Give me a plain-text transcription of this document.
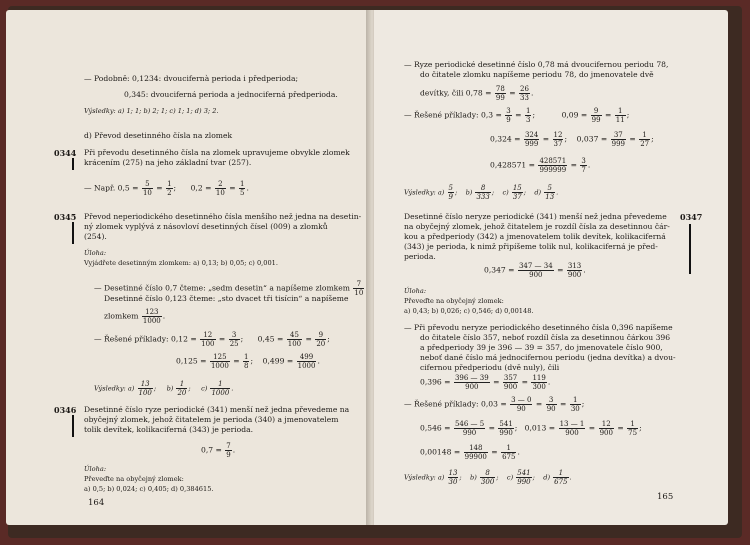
— Podobně: 0,1234: dvoucifernà perioda i předperioda;
0,345: dvouciferná perioda a jednociferná předperioda.
Výsledky: a) 1; 1; b) 2; 1; c) 1; 1; d) 3; 2.
d) Převod desetinného čísla na zlomek
0344 Při převodu desetinného čísla na zlomek upravujeme obvykle zlomek
krácením (275) na jeho základní tvar (257).
— Např. $0,5 = \frac{5}{10} = \frac{1}{2}$ ;      $0,2 = \frac{2}{10} = \frac{1}{5}$ .
0345 Převod neperiodického desetinného čísla menšího než jedna na desetin-
ný zlomek vyplývá z násovloví desetinných čísel (009) a zlomků
(254).
Úloha:
Vyjádřete desetinným zlomkem: a) 0,13; b) 0,05; c) 0,001.
— Desetinné číslo 0,7 čteme: „sedm desetin“ a napíšeme zlomkem $\frac{7}{10}$
Desetinné číslo 0,123 čteme: „sto dvacet tři tisícin“ a napíšeme
zlomkem $\frac{123}{1000}$ .
— Řešené příklady: $0,12 = \frac{12}{100} = \frac{3}{25}$ ;      $0,45 = \frac{45}{100} = \frac{9}{20}$ ;
$0,125 = \frac{125}{1000} = \frac{1}{8}$ ;    $0,499 = \frac{499}{1000}$ .
Výsledky: $a) \frac{13}{100}$ ;     $b) \frac{1}{20}$ ;     $c) \frac{1}{1000}$ .
0346 Desetinné číslo ryze periodické (341) menší než jedna převedeme na
obyčejný zlomek, jehož čitatelem je perioda (340) a jmenovatelem
tolik devítek, kolikaciferná (343) je perioda.
$0,7 = \frac{7}{9}$ .
Úloha:
Převeďte na obyčejný zlomek:
a) 0,5; b) 0,024; c) 0,405; d) 0,384615.
164
— Ryze periodické desetinné číslo 0,78 má dvoucifernou periodu 78,
do čitatele zlomku napíšeme periodu 78, do jmenovatele dvě
devítky, čili $0,78 = \frac{78}{99} = \frac{26}{33}$ .
— Řešené příklady: $0,3 = \frac{3}{9} = \frac{1}{3}$ ;           $0,09 = \frac{9}{99} = \frac{1}{11}$ ;
$0,324 = \frac{324}{999} = \frac{12}{37}$ ;    $0,037 = \frac{37}{999} = \frac{1}{27}$ ;
$0,428571 = \frac{428571}{999999} = \frac{3}{7}$ .
Výsledky: $a) \frac{5}{9}$ ;    $b) \frac{8}{333}$ ;    $c) \frac{15}{37}$ ;    $d) \frac{5}{13}$ .
Desetinné číslo neryze periodické (341) menší než jedna převedeme 0347
na obyčejný zlomek, jehož čitatelem je rozdíl čísla za desetinnou čár-
kou a předperiody (342) a jmenovatelem tolik devítek, kolikaciferná
(343) je perioda, k nimž připíšeme tolik nul, kolikaciferná je před-
perioda.
$0,347 = \frac{347 — 34}{900} = \frac{313}{900}$ .
Úloha:
Převeďte na obyčejný zlomek:
a) 0,43; b) 0,026; c) 0,546; d) 0,00148.
— Při převodu neryze periodického desetinného čísla 0,396 napíšeme
do čitatele číslo 357, neboť rozdíl čísla za desetinnou čárkou 396
a předperiody 39 je 396 — 39 = 357, do jmenovatele číslo 900,
neboť dané číslo má jednocifernou periodu (jedna devítka) a dvou-
cifernou předperiodu (dvě nuly), čili
$0,396 = \frac{396 — 39}{900} = \frac{357}{900} = \frac{119}{300}$ .
— Řešené příklady: $0,03 = \frac{3 — 0}{90} = \frac{3}{90} = \frac{1}{30}$ ;
$0,546 = \frac{546 — 5}{990} = \frac{541}{990}$ ;   $0,013 = \frac{13 — 1}{900} = \frac{12}{900} = \frac{1}{75}$ ;
$0,00148 = \frac{148}{99900} = \frac{1}{675}$ .
Výsledky: $a) \frac{13}{30}$ ;    $b) \frac{8}{300}$ ;    $c) \frac{541}{990}$ ;    $d) \frac{1}{675}$ .
165
